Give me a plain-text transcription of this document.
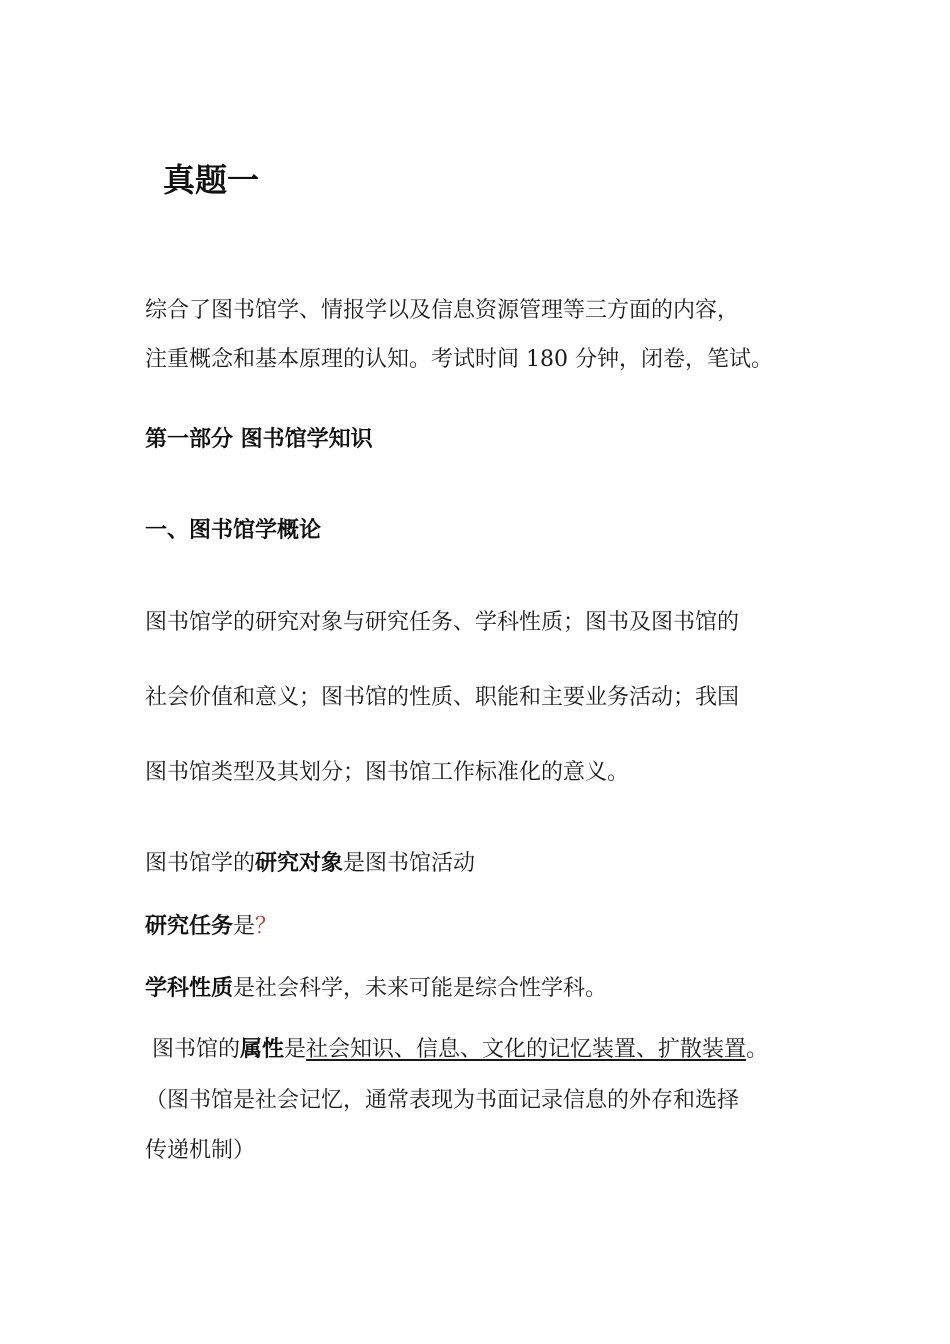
真题一
综合了图书馆学、情报学以及信息资源管理等三方面的内容，
注重概念和基本原理的认知。考试时间 180 分钟，闭卷，笔试。
第一部分 图书馆学知识
一、图书馆学概论
图书馆学的研究对象与研究任务、学科性质；图书及图书馆的
社会价值和意义；图书馆的性质、职能和主要业务活动；我国
图书馆类型及其划分；图书馆工作标准化的意义。
图书馆学的研究对象是图书馆活动
研究任务是？
学科性质是社会科学，未来可能是综合性学科。
图书馆的属性是社会知识、信息、文化的记忆装置、扩散装置。
（图书馆是社会记忆，通常表现为书面记录信息的外存和选择
传递机制）
